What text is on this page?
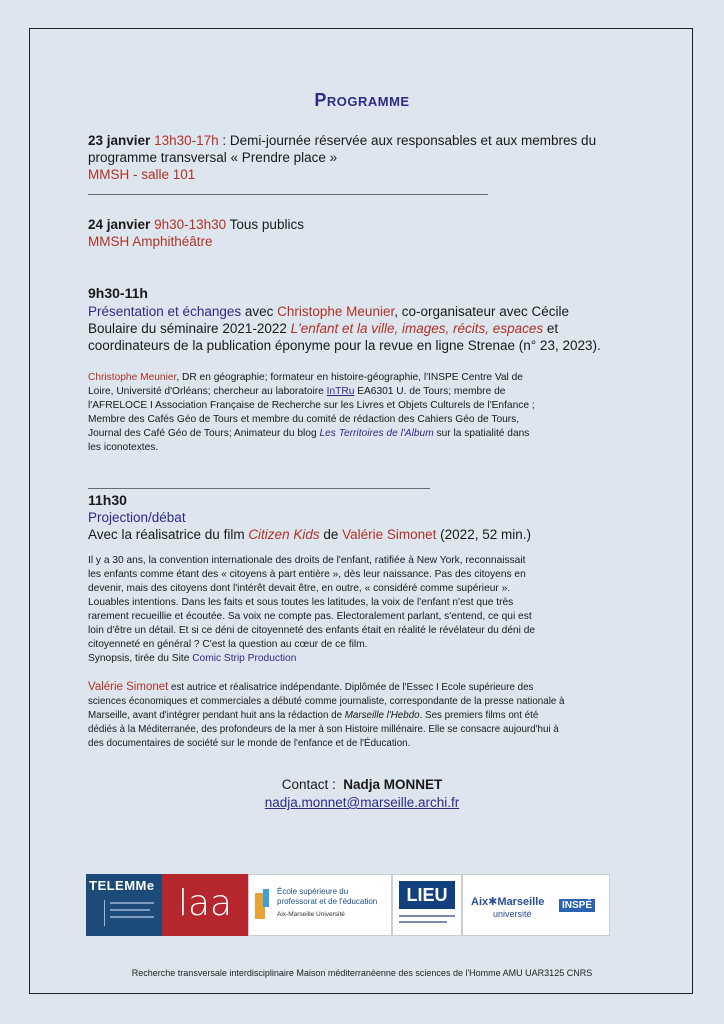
Programme
23 janvier 13h30-17h : Demi-journée réservée aux responsables et aux membres du
programme transversal « Prendre place »
MMSH - salle 101
24 janvier 9h30-13h30 Tous publics
MMSH Amphithéâtre
9h30-11h
Présentation et échanges avec Christophe Meunier, co-organisateur avec Cécile
Boulaire du séminaire 2021-2022 L'enfant et la ville, images, récits, espaces et
coordinateurs de la publication éponyme pour la revue en ligne Strenae (n° 23, 2023).
Christophe Meunier, DR en géographie; formateur en histoire-géographie, l'INSPE Centre Val de
Loire, Université d'Orléans; chercheur au laboratoire InTRu EA6301 U. de Tours; membre de
l'AFRELOCE I Association Française de Recherche sur les Livres et Objets Culturels de l'Enfance ;
Membre des Cafés Géo de Tours et membre du comité de rédaction des Cahiers Géo de Tours,
Journal des Café Géo de Tours; Animateur du blog Les Territoires de l'Album sur la spatialité dans
les iconotextes.
11h30
Projection/débat
Avec la réalisatrice du film Citizen Kids de Valérie Simonet (2022, 52 min.)
Il y a 30 ans, la convention internationale des droits de l'enfant, ratifiée à New York, reconnaissait
les enfants comme étant des « citoyens à part entière », dès leur naissance. Pas des citoyens en
devenir, mais des citoyens dont l'intérêt devait être, en outre, « considéré comme supérieur ».
Louables intentions. Dans les faits et sous toutes les latitudes, la voix de l'enfant n'est que très
rarement recueillie et écoutée. Sa voix ne compte pas. Electoralement parlant, s'entend, ce qui est
loin d'être un détail. Et si ce déni de citoyenneté des enfants était en réalité le révélateur du déni de
citoyenneté en général ? C'est la question au cœur de ce film.
Synopsis, tirée du Site Comic Strip Production
Valérie Simonet est autrice et réalisatrice indépendante. Diplômée de l'Essec I Ecole supérieure des
sciences économiques et commerciales a débuté comme journaliste, correspondante de la presse nationale à
Marseille, avant d'intégrer pendant huit ans la rédaction de Marseille l'Hebdo. Ses premiers films ont été
dédiés à la Méditerranée, des profondeurs de la mer à son Histoire millénaire. Elle se consacre aujourd'hui à
des documentaires de société sur le monde de l'enfance et de l'Éducation.
Contact : Nadja MONNET
nadja.monnet@marseille.archi.fr
TELEMMe laa	École supérieure du
professorat et de l'éducation
Aix-Marseille Université
LIEU	Aix✱Marseille
université
INSPÉ
Recherche transversale interdisciplinaire Maison méditerranéenne des sciences de l'Homme AMU UAR3125 CNRS
